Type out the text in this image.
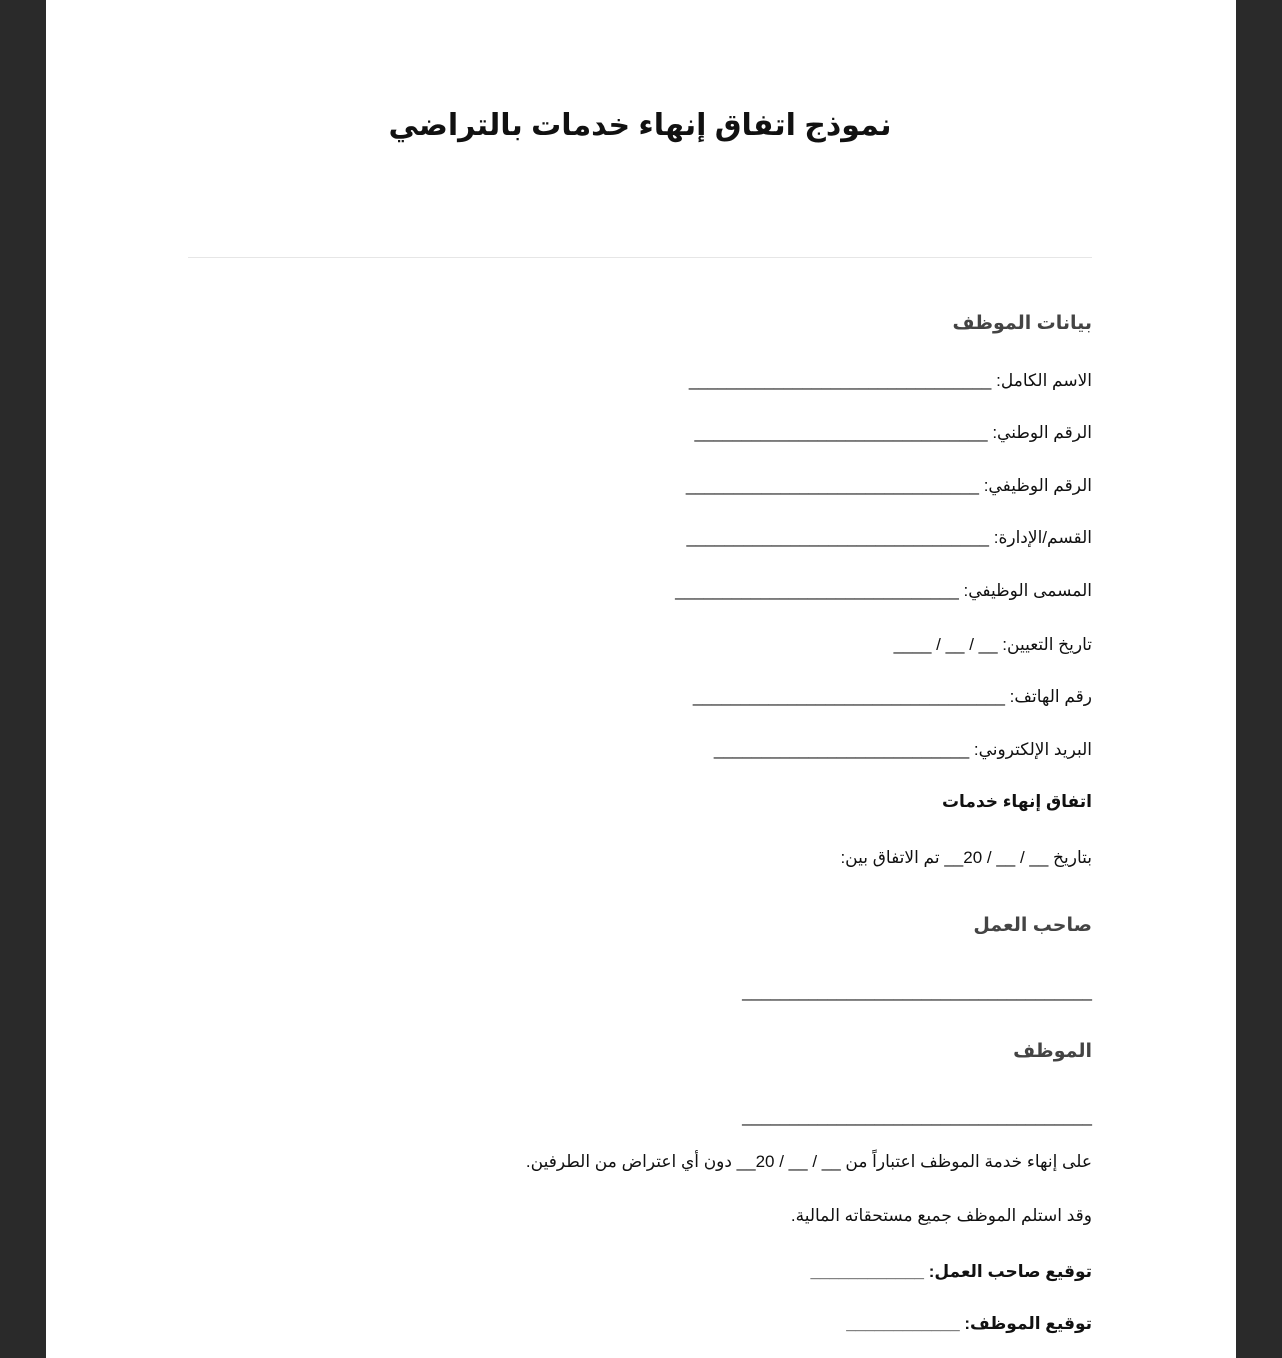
نموذج اتفاق إنهاء خدمات بالتراضي
بيانات الموظف
الاسم الكامل: ________________________________
الرقم الوطني: _______________________________
الرقم الوظيفي: _______________________________
القسم/الإدارة: ________________________________
المسمى الوظيفي: ______________________________
تاريخ التعيين: __ / __ / ____
رقم الهاتف: _________________________________
البريد الإلكتروني: ___________________________
اتفاق إنهاء خدمات
بتاريخ __ / __ / 20__ تم الاتفاق بين:
صاحب العمل
_____________________________________
الموظف
_____________________________________
على إنهاء خدمة الموظف اعتباراً من __ / __ / 20__ دون أي اعتراض من الطرفين.
وقد استلم الموظف جميع مستحقاته المالية.
توقيع صاحب العمل: ____________
توقيع الموظف: ____________
